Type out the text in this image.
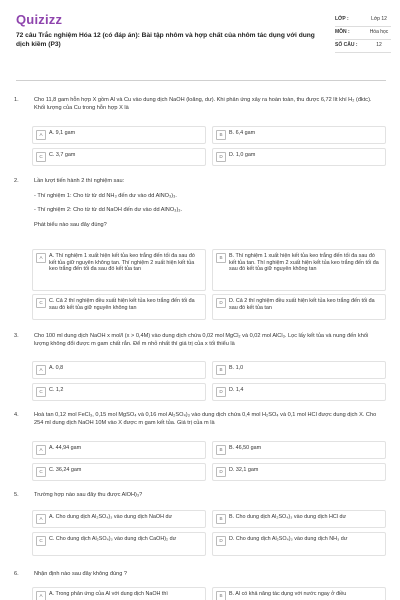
Quizizz
72 câu Trắc nghiệm Hóa 12 (có đáp án): Bài tập nhôm và hợp chất của nhôm tác dụng với dung dịch kiềm (P3)
LỚP :	Lớp 12
MÔN :	Hóa học
SỐ CÂU :	12
1.	Cho 11,8 gam hỗn hợp X gồm Al và Cu vào dung dịch NaOH (loãng, dư). Khi phản ứng xảy ra hoàn toàn, thu được 6,72 lít khí H₂ (đktc). Khối lượng của Cu trong hỗn hợp X là
A	A. 9,1 gam	B	B. 6,4 gam
C	C. 3,7 gam	D	D. 1,0 gam
2.	Lần lượt tiến hành 2 thí nghiệm sau:
- Thí nghiệm 1: Cho từ từ dd NH₃ đến dư vào dd AlNO₃)₃.
- Thí nghiệm 2: Cho từ từ dd NaOH đến dư vào dd AlNO₃)₃.
Phát biểu nào sau đây đúng?
A	A. Thí nghiệm 1 xuất hiện kết tủa keo trắng đến tối đa sau đó kết tủa giữ nguyên không tan. Thí nghiệm 2 xuất hiện kết tủa keo trắng đến tối đa sau đó kết tủa tan
B	B. Thí nghiệm 1 xuất hiện kết tủa keo trắng đến tối đa sau đó kết tủa tan. Thí nghiệm 2 xuất hiện kết tủa keo trắng đến tối đa sau đó kết tủa giữ nguyên không tan
C	C. Cả 2 thí nghiệm đều xuất hiện kết tủa keo trắng đến tối đa sau đó kết tủa giữ nguyên không tan
D	D. Cả 2 thí nghiệm đều xuất hiện kết tủa keo trắng đến tối đa sau đó kết tủa tan
3.	Cho 100 ml dung dịch NaOH x mol/l (x > 0,4M) vào dung dịch chứa 0,02 mol MgCl₂ và 0,02 mol AlCl₃. Lọc lấy kết tủa và nung đến khối lượng không đổi được m gam chất rắn. Để m nhỏ nhất thì giá trị của x tối thiểu là
A	A. 0,8	B	B. 1,0
C	C. 1,2	D	D. 1,4
4.	Hoà tan 0,12 mol FeCl₃, 0,15 mol MgSO₄ và 0,16 mol Al₂SO₄)₃ vào dung dịch chứa 0,4 mol H₂SO₄ và 0,1 mol HCl được dung dịch X. Cho 254 ml dung dịch NaOH 10M vào X được m gam kết tủa. Giá trị của m là
A	A. 44,94 gam	B	B. 46,50 gam
C	C. 36,24 gam	D	D. 32,1 gam
5.	Trường hợp nào sau đây thu được AlOH)₃?
A	A. Cho dung dịch Al₂SO₄)₃ vào dung dịch NaOH dư	B	B. Cho dung dịch Al₂SO₄)₃ vào dung dịch HCl dư
C	C. Cho dung dịch Al₂SO₄)₃ vào dung dịch CaOH)₂ dư	D	D. Cho dung dịch Al₂SO₄)₃ vào dung dịch NH₃ dư
6.	Nhận định nào sau đây không đúng ?
A	A. Trong phản ứng của Al với dung dịch NaOH thì	B	B. Al có khả năng tác dụng với nước ngay ở điều
